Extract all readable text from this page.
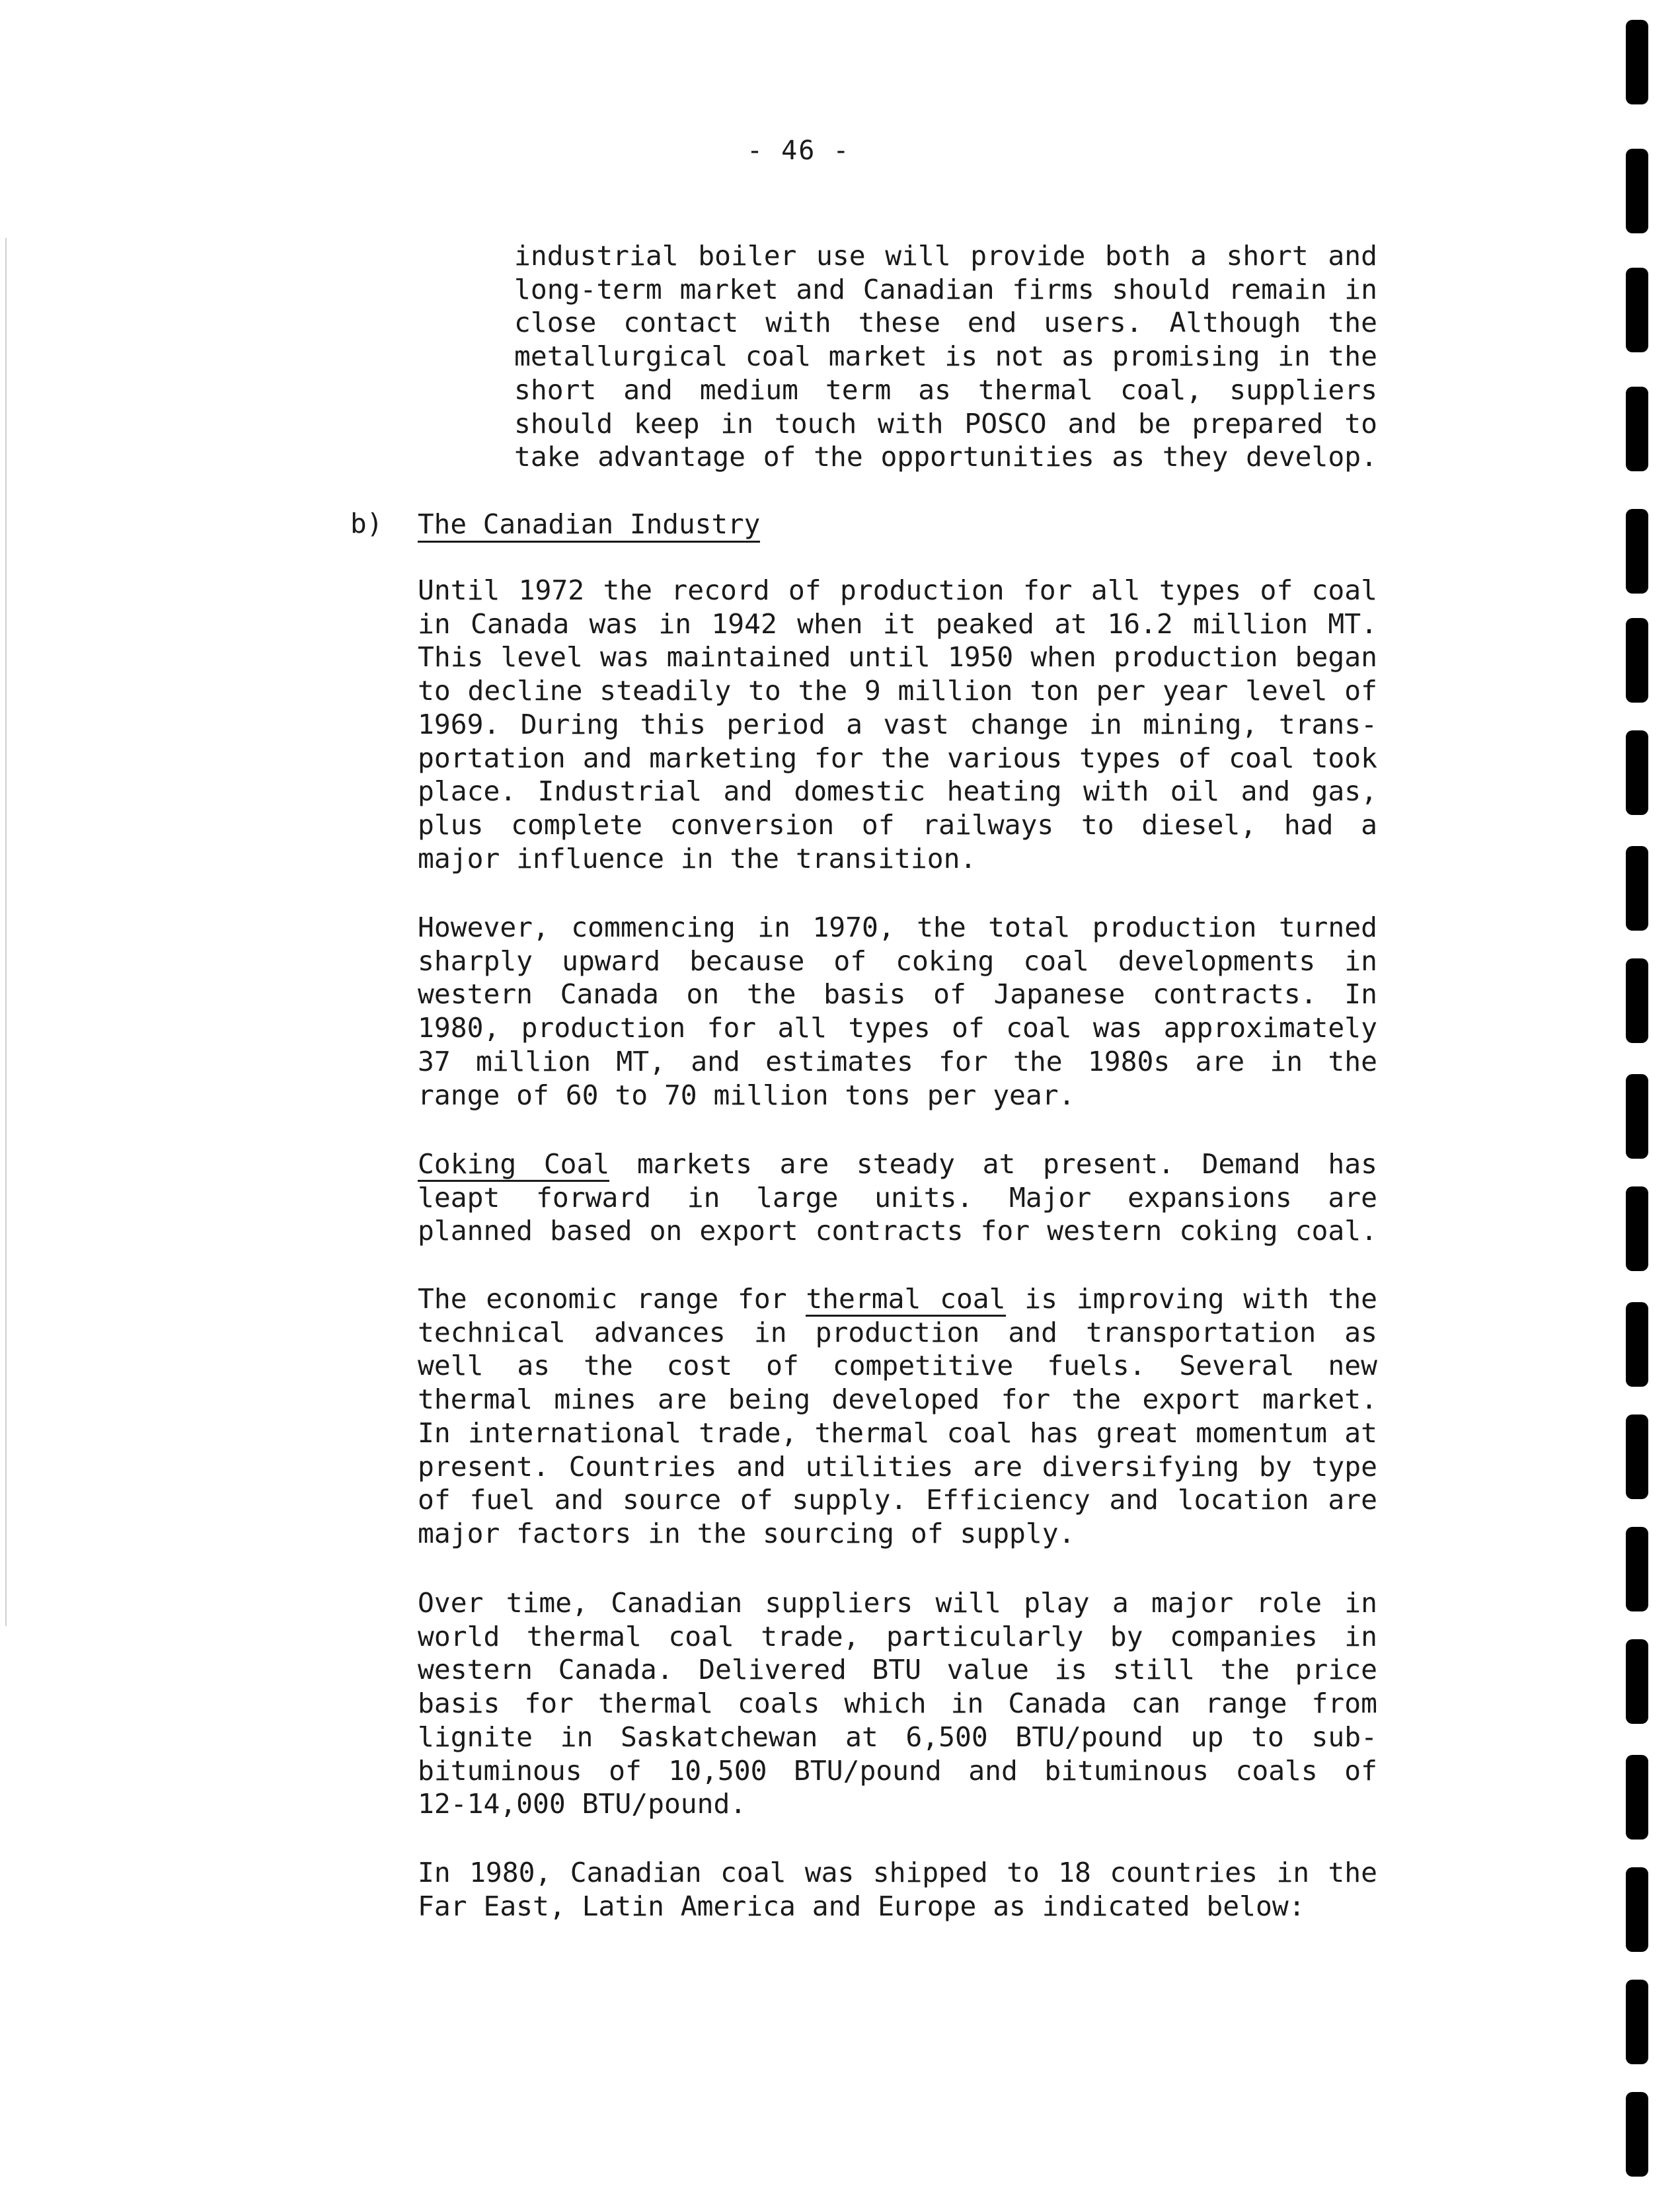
- 46 -
industrial boiler use will provide both a short and
long-term market and Canadian firms should remain in
close contact with these end users. Although the
metallurgical coal market is not as promising in the
short and medium term as thermal coal, suppliers
should keep in touch with POSCO and be prepared to
take advantage of the opportunities as they develop.
b) The Canadian Industry
Until 1972 the record of production for all types of coal
in Canada was in 1942 when it peaked at 16.2 million MT.
This level was maintained until 1950 when production began
to decline steadily to the 9 million ton per year level of
1969. During this period a vast change in mining, trans-
portation and marketing for the various types of coal took
place. Industrial and domestic heating with oil and gas,
plus complete conversion of railways to diesel, had a
major influence in the transition.
However, commencing in 1970, the total production turned
sharply upward because of coking coal developments in
western Canada on the basis of Japanese contracts. In
1980, production for all types of coal was approximately
37 million MT, and estimates for the 1980s are in the
range of 60 to 70 million tons per year.
Coking Coal markets are steady at present. Demand has
leapt forward in large units. Major expansions are
planned based on export contracts for western coking coal.
The economic range for thermal coal is improving with the
technical advances in production and transportation as
well as the cost of competitive fuels. Several new
thermal mines are being developed for the export market.
In international trade, thermal coal has great momentum at
present. Countries and utilities are diversifying by type
of fuel and source of supply. Efficiency and location are
major factors in the sourcing of supply.
Over time, Canadian suppliers will play a major role in
world thermal coal trade, particularly by companies in
western Canada. Delivered BTU value is still the price
basis for thermal coals which in Canada can range from
lignite in Saskatchewan at 6,500 BTU/pound up to sub-
bituminous of 10,500 BTU/pound and bituminous coals of
12-14,000 BTU/pound.
In 1980, Canadian coal was shipped to 18 countries in the
Far East, Latin America and Europe as indicated below:
